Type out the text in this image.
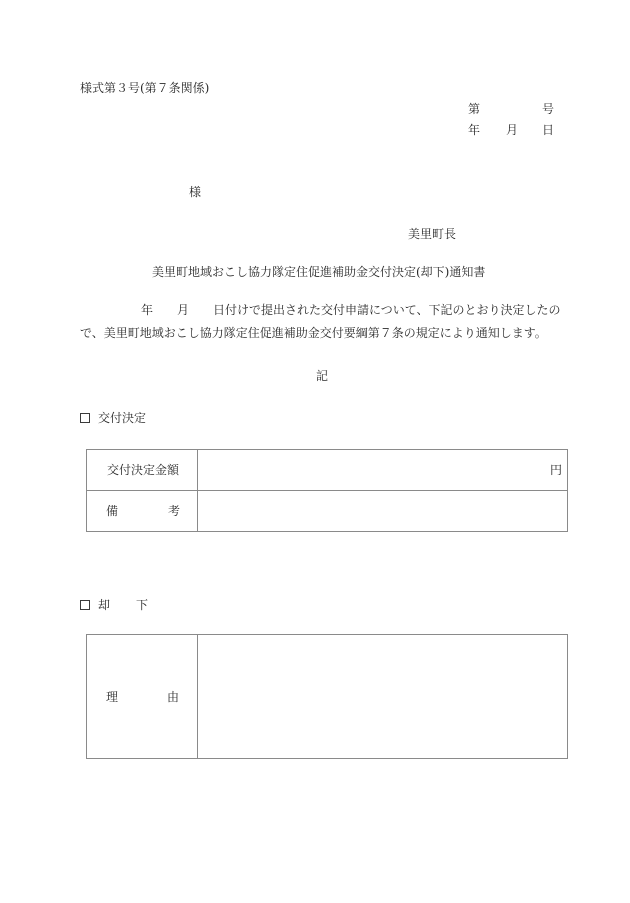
様式第３号(第７条関係)
第	号
年 月 日
様
美里町長
美里町地域おこし協力隊定住促進補助金交付決定(却下)通知書
年 月 日付けで提出された交付申請について、下記のとおり決定したの
で、美里町地域おこし協力隊定住促進補助金交付要綱第７条の規定により通知します。
記
交付決定
交付決定金額	円
備	考
却 下
理	由
